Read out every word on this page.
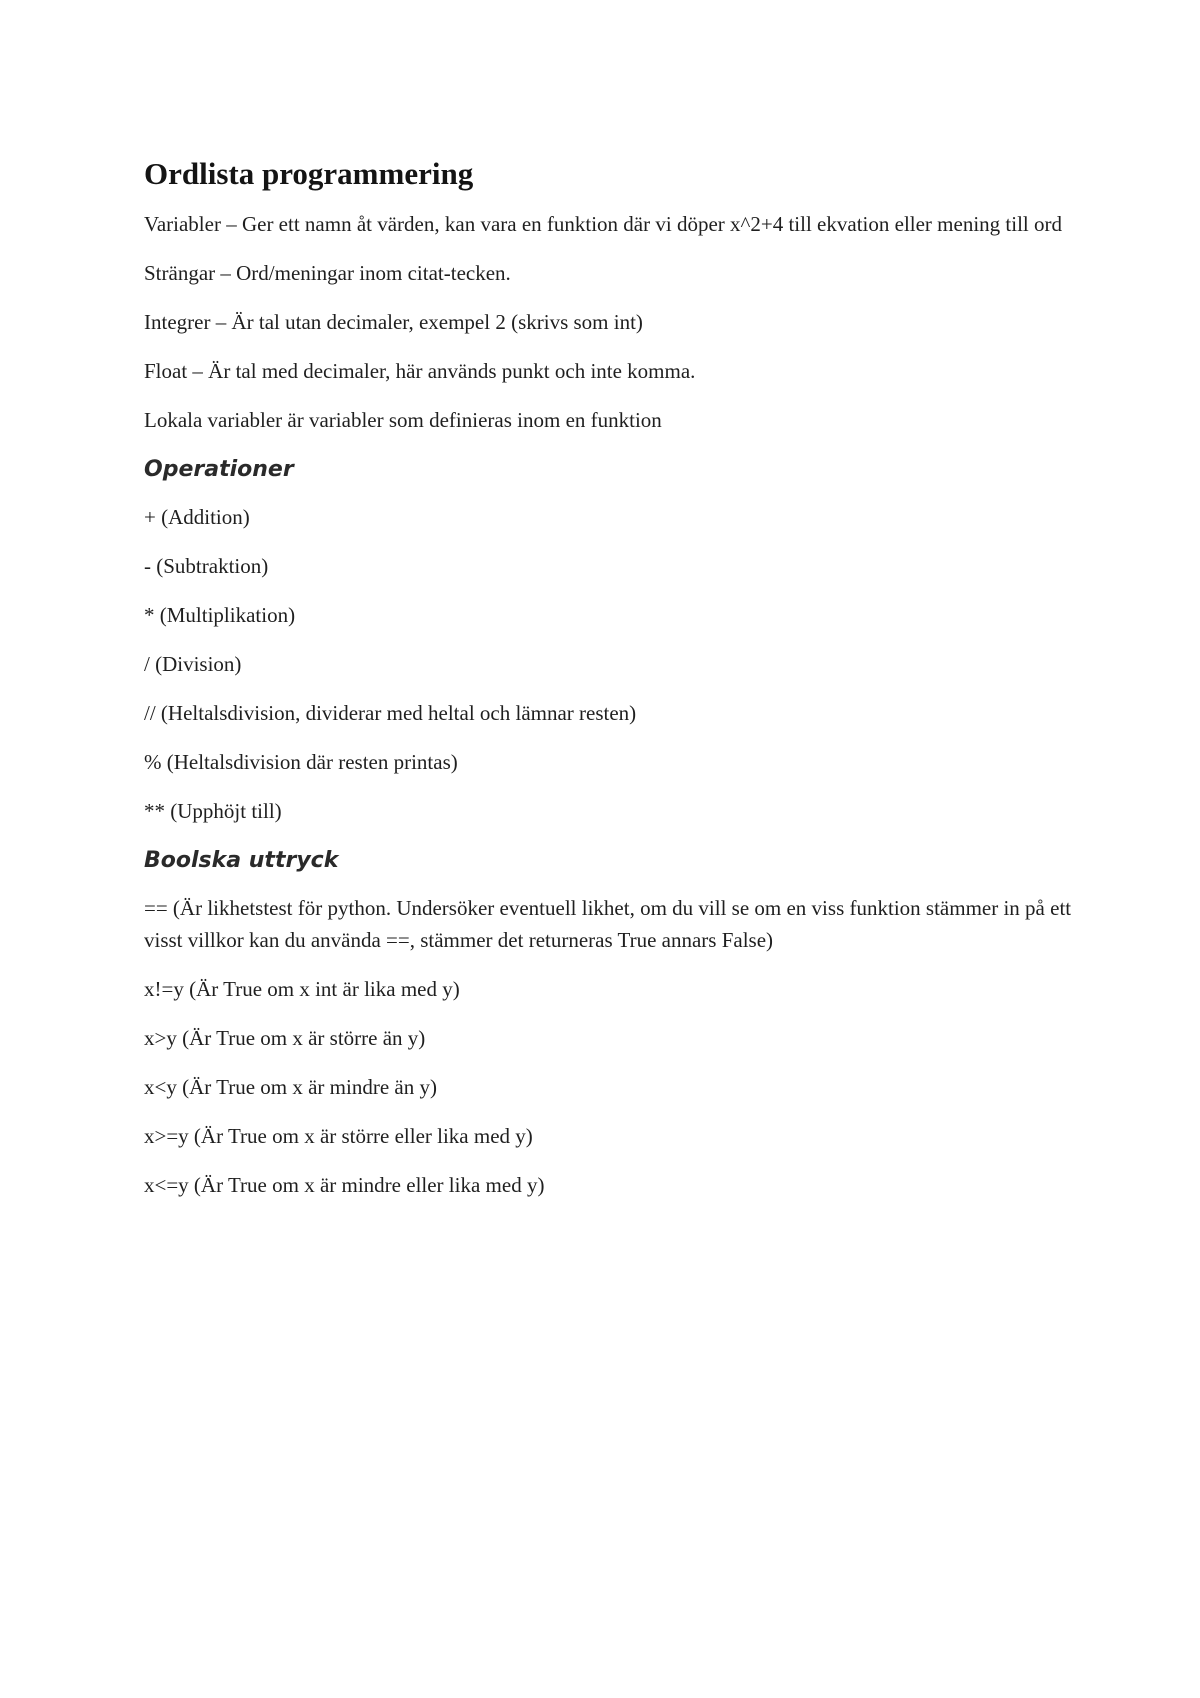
Ordlista programmering

Variabler – Ger ett namn åt värden, kan vara en funktion där vi döper x^2+4 till ekvation eller mening till ord

Strängar – Ord/meningar inom citat-tecken.

Integrer – Är tal utan decimaler, exempel 2 (skrivs som int)

Float – Är tal med decimaler, här används punkt och inte komma.

Lokala variabler är variabler som definieras inom en funktion

Operationer

+ (Addition)

- (Subtraktion)

* (Multiplikation)

/ (Division)

// (Heltalsdivision, dividerar med heltal och lämnar resten)

% (Heltalsdivision där resten printas)

** (Upphöjt till)

Boolska uttryck

== (Är likhetstest för python. Undersöker eventuell likhet, om du vill se om en viss funktion stämmer in på ett visst villkor kan du använda ==, stämmer det returneras True annars False)

x!=y (Är True om x int är lika med y)

x>y (Är True om x är större än y)

x<y (Är True om x är mindre än y)

x>=y (Är True om x är större eller lika med y)

x<=y (Är True om x är mindre eller lika med y)
